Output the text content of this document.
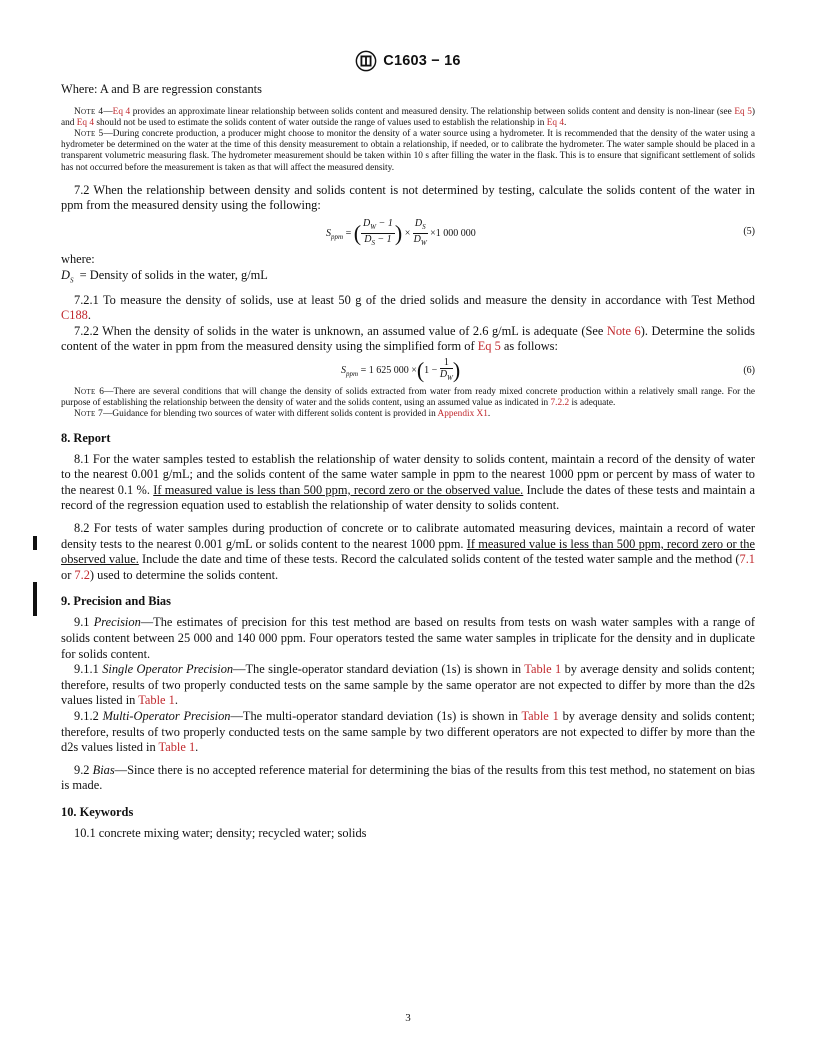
C1603 − 16

Where: A and B are regression constants

Note 4—Eq 4 provides an approximate linear relationship between solids content and measured density. The relationship between solids content and density is non-linear (see Eq 5) and Eq 4 should not be used to estimate the solids content of water outside the range of values used to establish the relationship in Eq 4.

Note 5—During concrete production, a producer might choose to monitor the density of a water source using a hydrometer. It is recommended that the density of the water using a hydrometer be determined on the water at the time of this density measurement to obtain a relationship, if needed, or to calibrate the hydrometer. The water sample should be placed in a transparent volumetric measuring flask. The hydrometer measurement should be taken within 10 s after filling the water in the flask. This is to ensure that significant settlement of solids has not occurred before the measurement is taken as that will affect the measured density.

7.2 When the relationship between density and solids content is not determined by testing, calculate the solids content of the water in ppm from the measured density using the following:

$S_{ppm}$ = ( $\frac{D_W - 1}{D_S - 1}$ ) × $\frac{D_S}{D_W} \times 1$ 000 000	(5)

where:

$D_S$ = Density of solids in the water, g/mL

7.2.1 To measure the density of solids, use at least 50 g of the dried solids and measure the density in accordance with Test Method C188.

7.2.2 When the density of solids in the water is unknown, an assumed value of 2.6 g/mL is adequate (See Note 6). Determine the solids content of the water in ppm from the measured density using the simplified form of Eq 5 as follows:

$S_{ppm} = 1$ 625 $000 \times(1 - \frac{1}{D_W}$ )	(6)

Note 6—There are several conditions that will change the density of solids extracted from water from ready mixed concrete production within a relatively small range. For the purpose of establishing the relationship between the density of water and the solids content, using an assumed value as indicated in 7.2.2 is adequate.

Note 7—Guidance for blending two sources of water with different solids content is provided in Appendix X1.

8. Report

8.1 For the water samples tested to establish the relationship of water density to solids content, maintain a record of the density of water to the nearest 0.001 g/mL; and the solids content of the same water sample in ppm to the nearest 1000 ppm or percent by mass of water to the nearest 0.1 %. If measured value is less than 500 ppm, record zero or the observed value. Include the dates of these tests and maintain a record of the regression equation used to establish the relationship of water density to solids content.

8.2 For tests of water samples during production of concrete or to calibrate automated measuring devices, maintain a record of water density tests to the nearest 0.001 g/mL or solids content to the nearest 1000 ppm. If measured value is less than 500 ppm, record zero or the observed value. Include the date and time of these tests. Record the calculated solids content of the tested water sample and the method (7.1 or 7.2) used to determine the solids content.

9. Precision and Bias

9.1 Precision—The estimates of precision for this test method are based on results from tests on wash water samples with a range of solids content between 25 000 and 140 000 ppm. Four operators tested the same water samples in triplicate for the density and in duplicate for solids content.

9.1.1 Single Operator Precision—The single-operator standard deviation (1s) is shown in Table 1 by average density and solids content; therefore, results of two properly conducted tests on the same sample by the same operator are not expected to differ by more than the d2s values listed in Table 1.

9.1.2 Multi-Operator Precision—The multi-operator standard deviation (1s) is shown in Table 1 by average density and solids content; therefore, results of two properly conducted tests on the same sample by two different operators are not expected to differ by more than the d2s values listed in Table 1.

9.2 Bias—Since there is no accepted reference material for determining the bias of the results from this test method, no statement on bias is made.

10. Keywords

10.1 concrete mixing water; density; recycled water; solids

3
